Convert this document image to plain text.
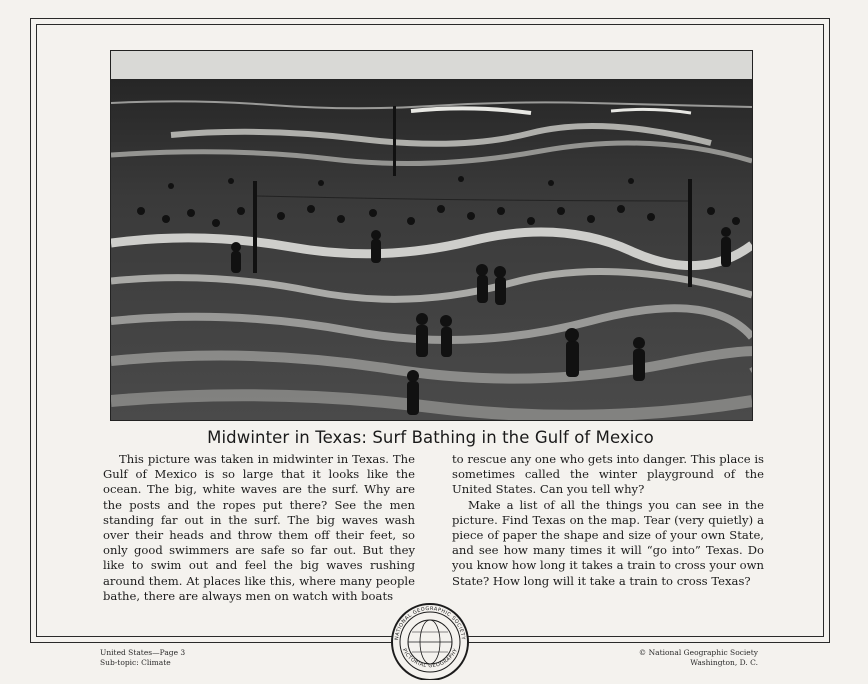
Midwinter in Texas: Surf Bathing in the Gulf of Mexico

This picture was taken in midwinter in Texas. The Gulf of Mexico is so large that it looks like the ocean. The big, white waves are the surf. Why are the posts and the ropes put there? See the men standing far out in the surf. The big waves wash over their heads and throw them off their feet, so only good swimmers are safe so far out. But they like to swim out and feel the big waves rushing around them. At places like this, where many people bathe, there are always men on watch with boats

to rescue any one who gets into danger. This place is sometimes called the winter playground of the United States. Can you tell why?

Make a list of all the things you can see in the picture. Find Texas on the map. Tear (very quietly) a piece of paper the shape and size of your own State, and see how many times it will “go into” Texas. Do you know how long it takes a train to cross your own State? How long will it take a train to cross Texas?

United States—Page 3
Sub-topic: Climate
NATIONAL GEOGRAPHIC SOCIETY
PICTORIAL GEOGRAPHY	© National Geographic Society
Washington, D. C.
